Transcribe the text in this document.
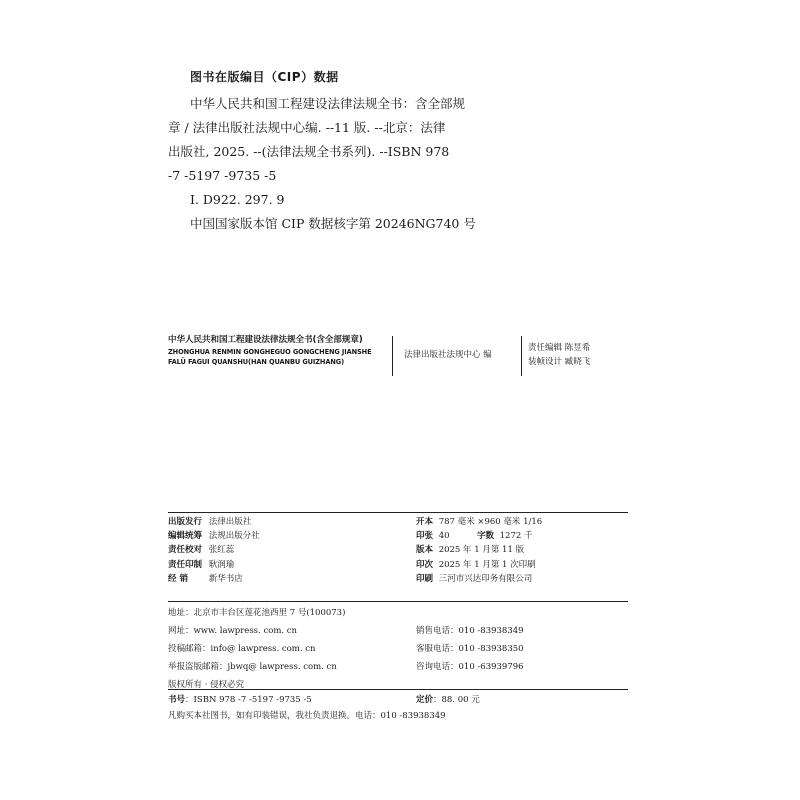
图书在版编目（CIP）数据
中华人民共和国工程建设法律法规全书：含全部规
章 / 法律出版社法规中心编. --11 版. --北京：法律
出版社, 2025. --(法律法规全书系列). --ISBN 978
-7 -5197 -9735 -5
Ⅰ. D922. 297. 9
中国国家版本馆 CIP 数据核字第 20246NG740 号
中华人民共和国工程建设法律法规全书(含全部规章)
ZHONGHUA RENMIN GONGHEGUO GONGCHENG JIANSHE
FALÜ FAGUI QUANSHU(HAN QUANBU GUIZHANG)
法律出版社法规中心 编
责任编辑 陈昱希
装帧设计 臧晓飞
出版发行 法律出版社
编辑统筹 法规出版分社
责任校对 张红蕊
责任印制 耿润瑜
经 销 新华书店
开本 787 毫米 ×960 毫米 1/16
印张 40	字数 1272 千
版本 2025 年 1 月第 11 版
印次 2025 年 1 月第 1 次印刷
印刷 三河市兴达印务有限公司
地址：北京市丰台区莲花池西里 7 号(100073)
网址：www. lawpress. com. cn
投稿邮箱：info@ lawpress. com. cn
举报盗版邮箱：jbwq@ lawpress. com. cn
版权所有 · 侵权必究
销售电话：010 -83938349
客服电话：010 -83938350
咨询电话：010 -63939796
书号：ISBN 978 -7 -5197 -9735 -5	定价：88. 00 元
凡购买本社图书，如有印装错误，我社负责退换。电话：010 -83938349
